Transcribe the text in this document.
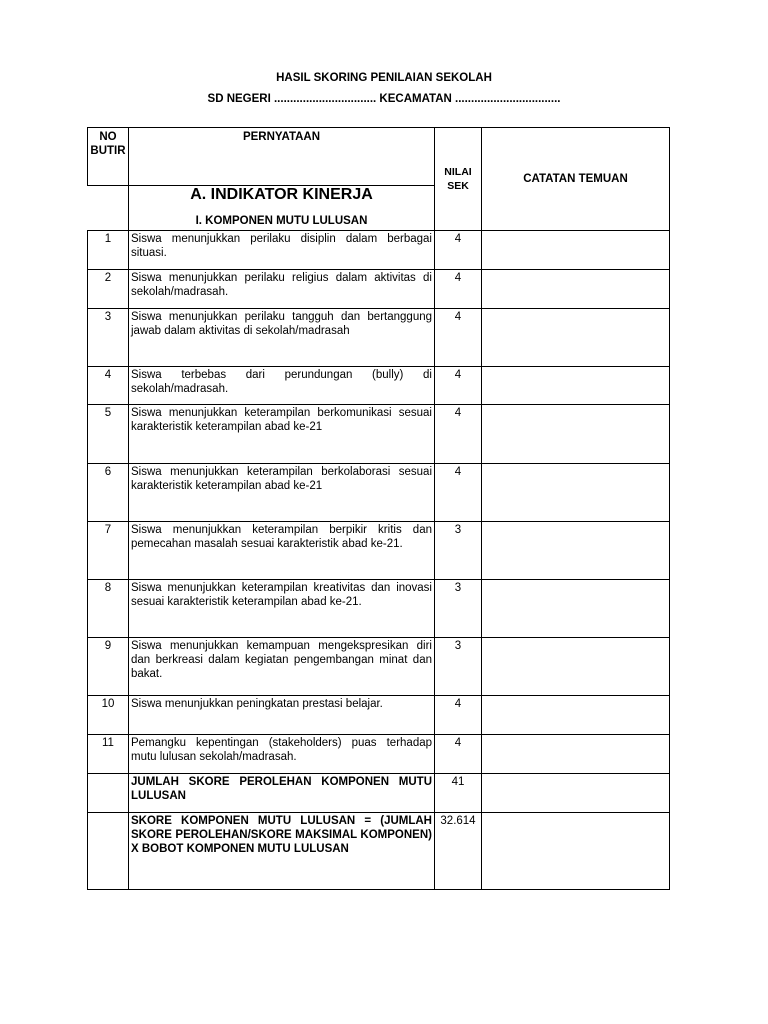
HASIL SKORING PENILAIAN SEKOLAH
SD NEGERI ................................ KECAMATAN .................................
NO BUTIR	PERNYATAAN	NILAI SEK	CATATAN TEMUAN
	A. INDIKATOR KINERJA		
	I. KOMPONEN MUTU LULUSAN		
1	Siswa menunjukkan perilaku disiplin dalam berbagai situasi.	4	
2	Siswa menunjukkan perilaku religius dalam aktivitas di sekolah/madrasah.	4	
3	Siswa menunjukkan perilaku tangguh dan bertanggung jawab dalam aktivitas di sekolah/madrasah	4	
4	Siswa terbebas dari perundungan (bully) di sekolah/madrasah.	4	
5	Siswa menunjukkan keterampilan berkomunikasi sesuai karakteristik keterampilan abad ke-21	4	
6	Siswa menunjukkan keterampilan berkolaborasi sesuai karakteristik keterampilan abad ke-21	4	
7	Siswa menunjukkan keterampilan berpikir kritis dan pemecahan masalah sesuai karakteristik abad ke-21.	3	
8	Siswa menunjukkan keterampilan kreativitas dan inovasi sesuai karakteristik keterampilan abad ke-21.	3	
9	Siswa menunjukkan kemampuan mengekspresikan diri dan berkreasi dalam kegiatan pengembangan minat dan bakat.	3	
10	Siswa menunjukkan peningkatan prestasi belajar.	4	
11	Pemangku kepentingan (stakeholders) puas terhadap mutu lulusan sekolah/madrasah.	4	
	JUMLAH SKORE PEROLEHAN KOMPONEN MUTU LULUSAN	41	
	SKORE KOMPONEN MUTU LULUSAN = (JUMLAH SKORE PEROLEHAN/SKORE MAKSIMAL KOMPONEN) X BOBOT KOMPONEN MUTU LULUSAN	32.614	
